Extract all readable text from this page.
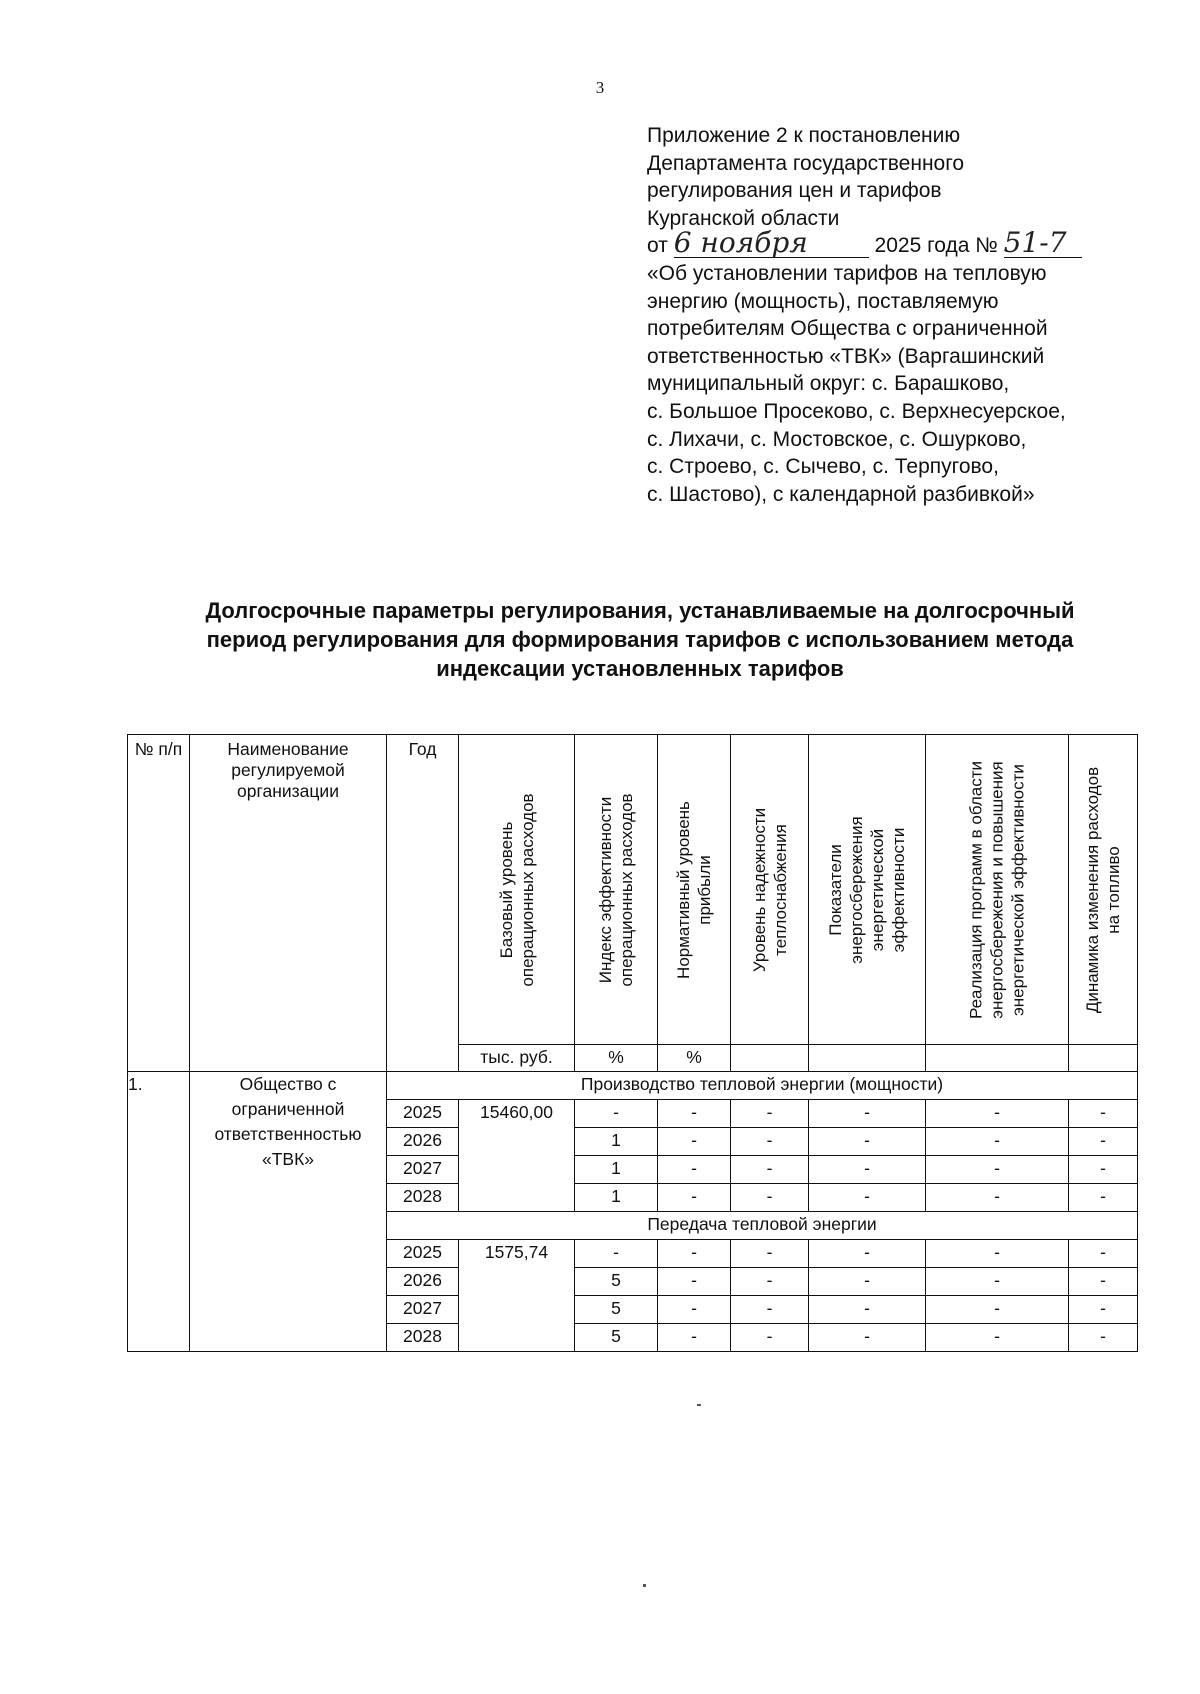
3
Приложение 2 к постановлению
Департамента государственного
регулирования цен и тарифов
Курганской области
от 6 ноября	2025 года № 51-7
«Об установлении тарифов на тепловую
энергию (мощность), поставляемую
потребителям Общества с ограниченной
ответственностью «ТВК» (Варгашинский
муниципальный округ: с. Барашково,
с. Большое Просеково, с. Верхнесуерское,
с. Лихачи, с. Мостовское, с. Ошурково,
с. Строево, с. Сычево, с. Терпугово,
с. Шастово), с календарной разбивкой»
Долгосрочные параметры регулирования, устанавливаемые на долгосрочный
период регулирования для формирования тарифов с использованием метода
индексации установленных тарифов
№ п/п	Наименование регулируемой организации	Год	Базовый уровень операционных расходов	Индекс эффективности операционных расходов	Нормативный уровень прибыли	Уровень надежности теплоснабжения	Показатели энергосбережения энергетической эффективности	Реализация программ в области энергосбережения и повышения энергетической эффективности	Динамика изменения расходов на топливо

			тыс. руб.	%	%				
1.	Общество с ограниченной ответственностью «ТВК»	Производство тепловой энергии (мощности)							
		2025	15460,00	-	-	-	-	-	-
		2026		1	-	-	-	-	-
		2027		1	-	-	-	-	-
		2028		1	-	-	-	-	-
		Передача тепловой энергии							
		2025	1575,74	-	-	-	-	-	-
		2026		5	-	-	-	-	-
		2027		5	-	-	-	-	-
		2028		5	-	-	-	-	-
